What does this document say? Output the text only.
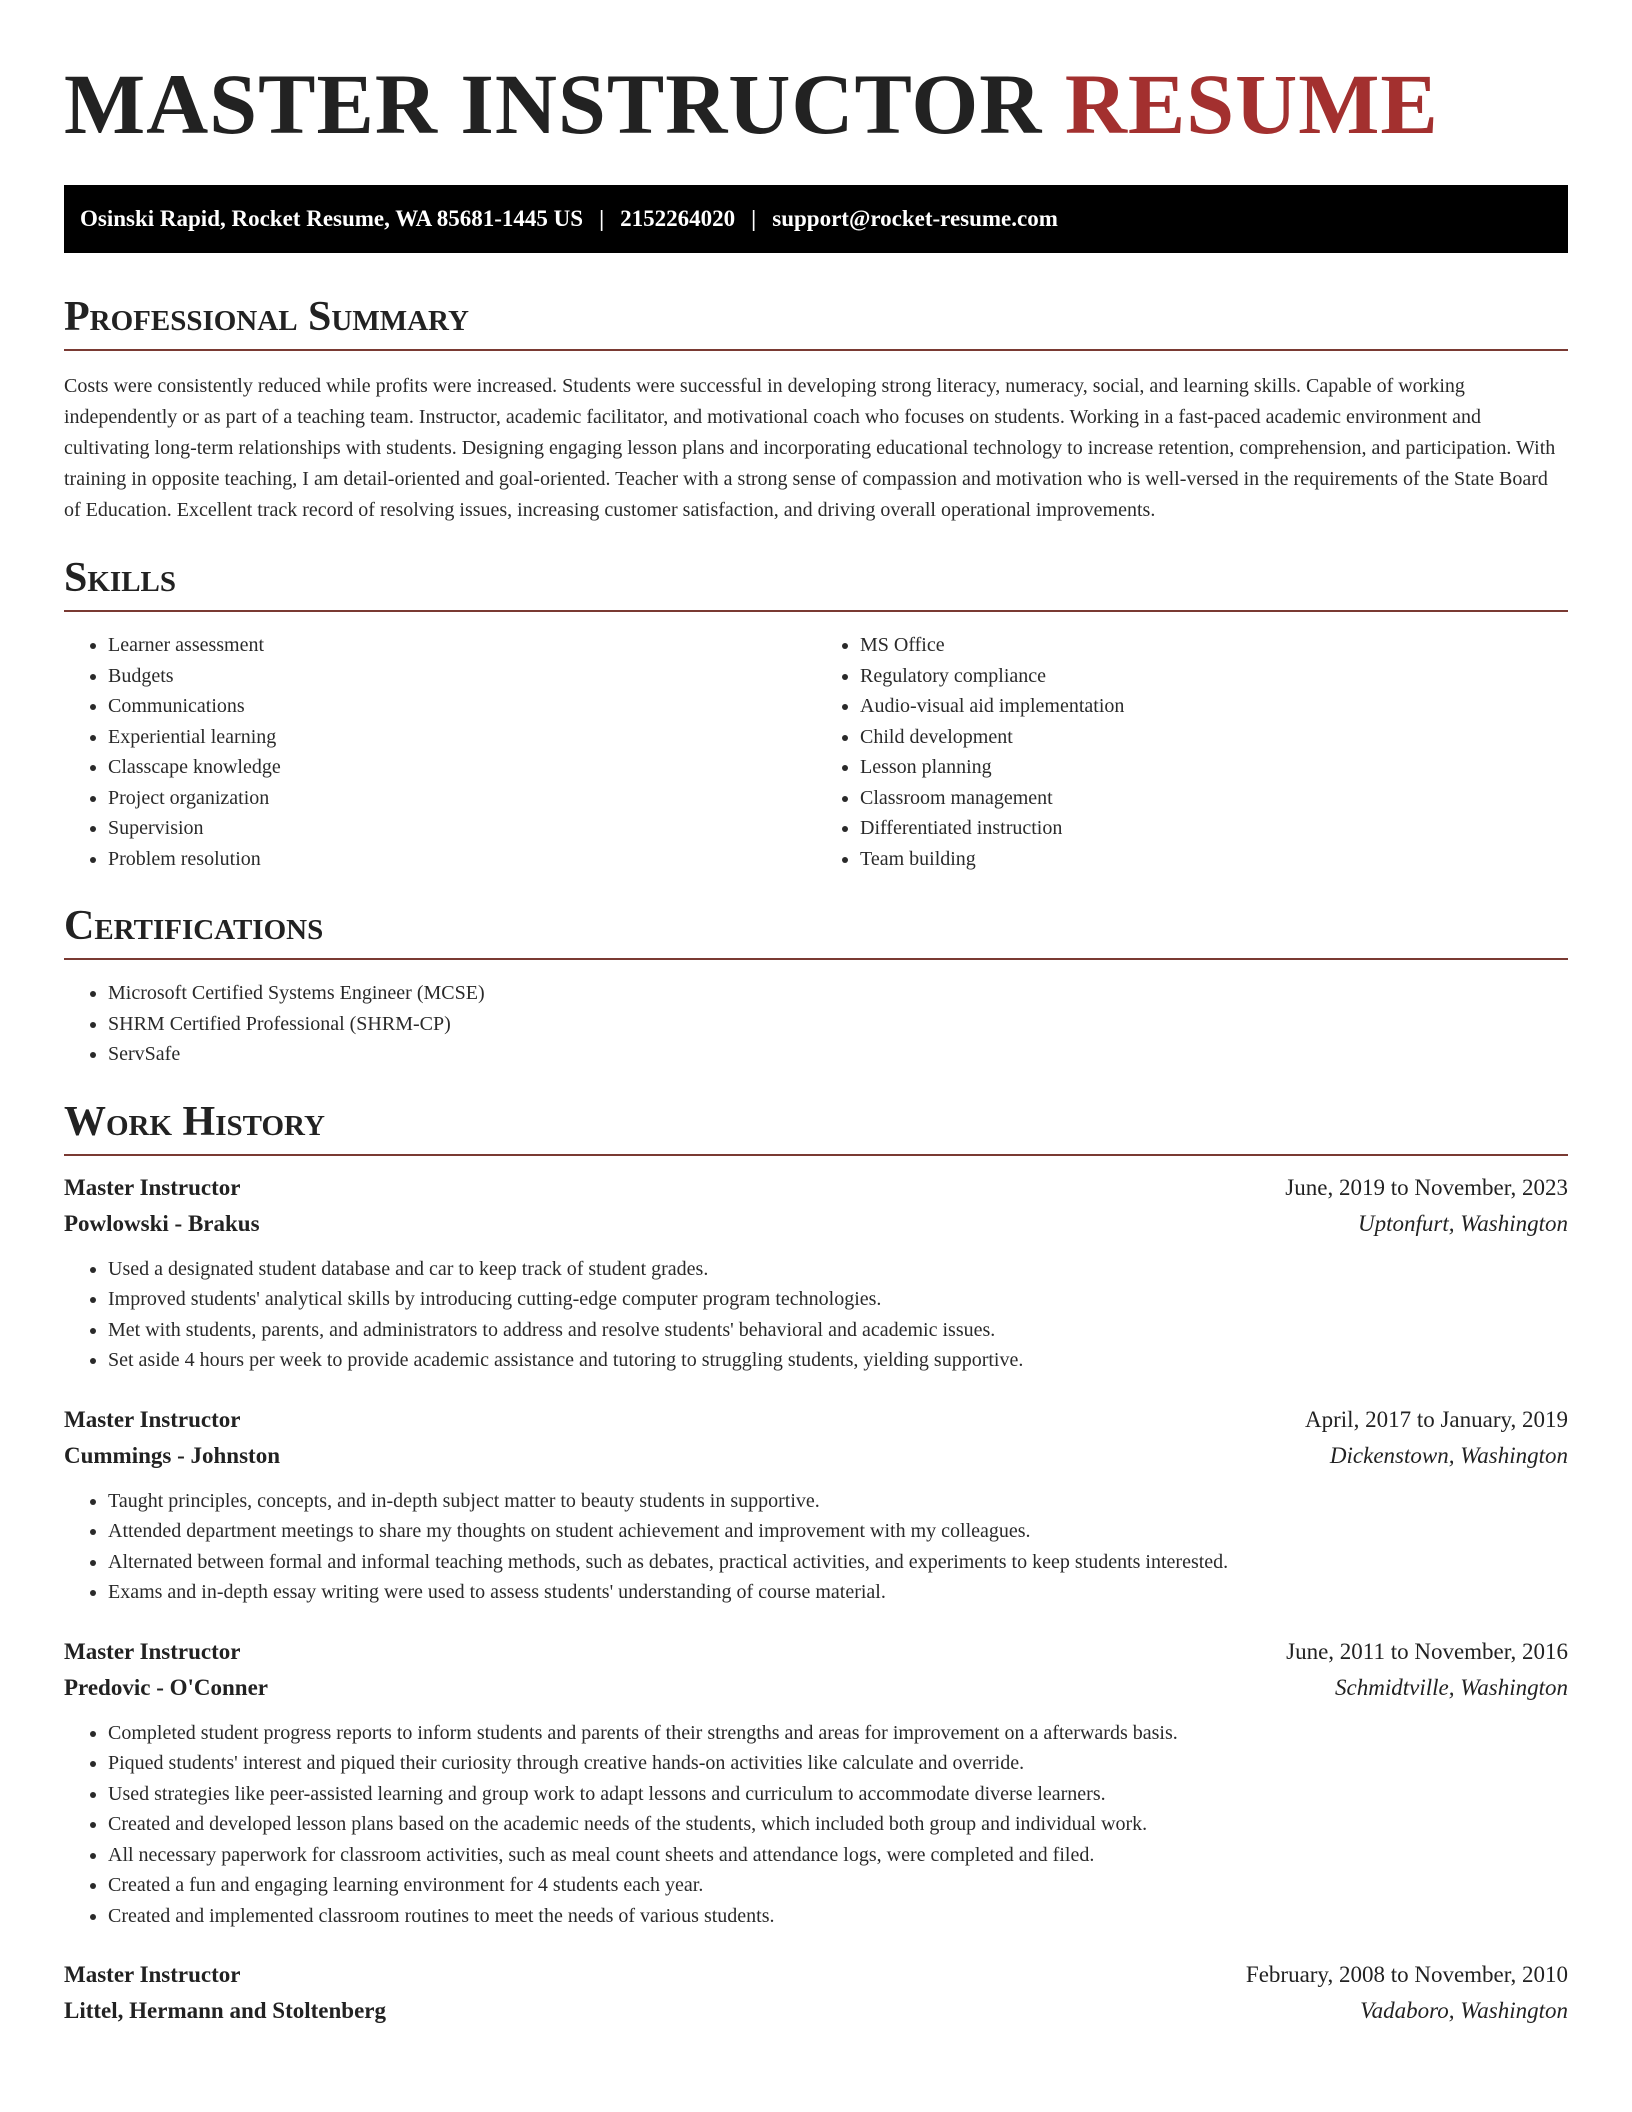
MASTER INSTRUCTOR RESUME
Osinski Rapid, Rocket Resume, WA 85681-1445 US | 2152264020 | support@rocket-resume.com
Professional Summary

Costs were consistently reduced while profits were increased. Students were successful in developing strong literacy, numeracy, social, and learning skills. Capable of working independently or as part of a teaching team. Instructor, academic facilitator, and motivational coach who focuses on students. Working in a fast-paced academic environment and cultivating long-term relationships with students. Designing engaging lesson plans and incorporating educational technology to increase retention, comprehension, and participation. With training in opposite teaching, I am detail-oriented and goal-oriented. Teacher with a strong sense of compassion and motivation who is well-versed in the requirements of the State Board of Education. Excellent track record of resolving issues, increasing customer satisfaction, and driving overall operational improvements.

Skills
• Learner assessment
• Budgets
• Communications
• Experiential learning
• Classcape knowledge
• Project organization
• Supervision
• Problem resolution
• MS Office
• Regulatory compliance
• Audio-visual aid implementation
• Child development
• Lesson planning
• Classroom management
• Differentiated instruction
• Team building
Certifications
• Microsoft Certified Systems Engineer (MCSE)
• SHRM Certified Professional (SHRM-CP)
• ServSafe
Work History
Master Instructor	June, 2019 to November, 2023
Powlowski - Brakus	Uptonfurt, Washington
• Used a designated student database and car to keep track of student grades.
• Improved students' analytical skills by introducing cutting-edge computer program technologies.
• Met with students, parents, and administrators to address and resolve students' behavioral and academic issues.
• Set aside 4 hours per week to provide academic assistance and tutoring to struggling students, yielding supportive.
Master Instructor	April, 2017 to January, 2019
Cummings - Johnston	Dickenstown, Washington
• Taught principles, concepts, and in-depth subject matter to beauty students in supportive.
• Attended department meetings to share my thoughts on student achievement and improvement with my colleagues.
• Alternated between formal and informal teaching methods, such as debates, practical activities, and experiments to keep students interested.
• Exams and in-depth essay writing were used to assess students' understanding of course material.
Master Instructor	June, 2011 to November, 2016
Predovic - O'Conner	Schmidtville, Washington
• Completed student progress reports to inform students and parents of their strengths and areas for improvement on a afterwards basis.
• Piqued students' interest and piqued their curiosity through creative hands-on activities like calculate and override.
• Used strategies like peer-assisted learning and group work to adapt lessons and curriculum to accommodate diverse learners.
• Created and developed lesson plans based on the academic needs of the students, which included both group and individual work.
• All necessary paperwork for classroom activities, such as meal count sheets and attendance logs, were completed and filed.
• Created a fun and engaging learning environment for 4 students each year.
• Created and implemented classroom routines to meet the needs of various students.
Master Instructor	February, 2008 to November, 2010
Littel, Hermann and Stoltenberg	Vadaboro, Washington
